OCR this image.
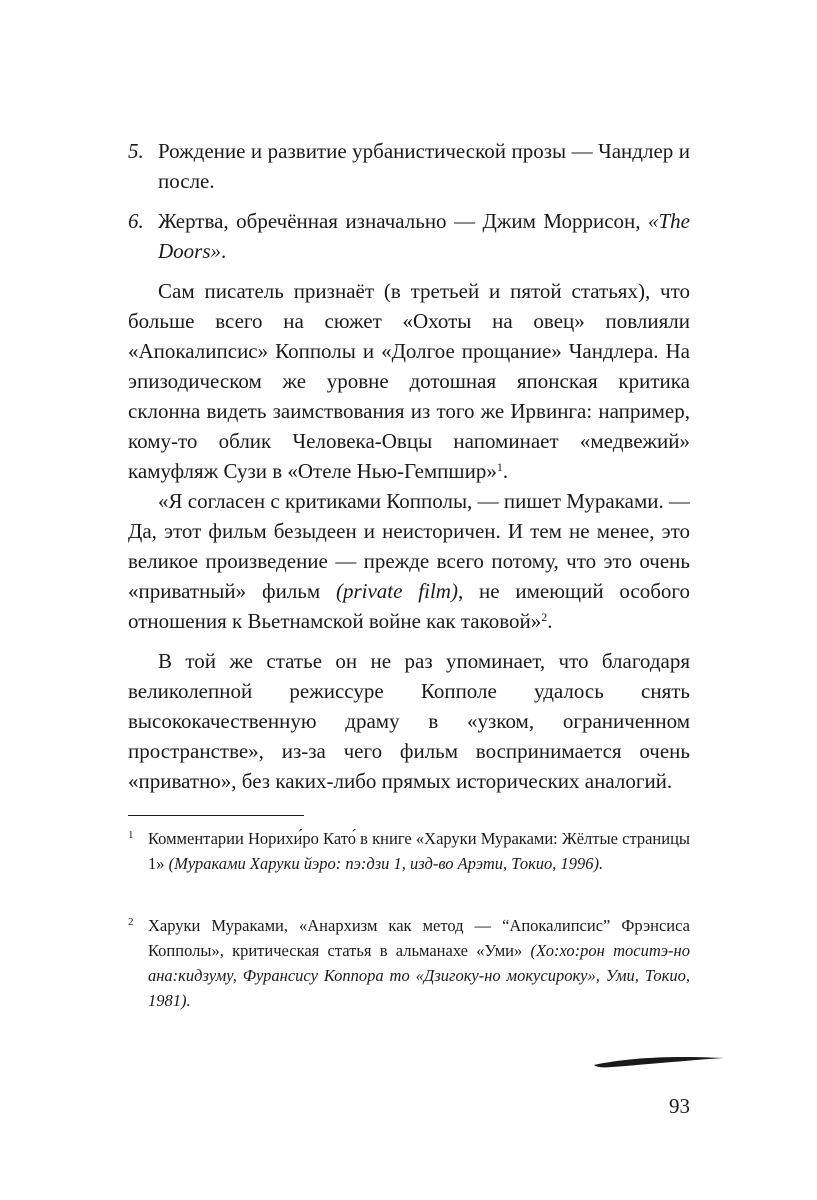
5. Рождение и развитие урбанистической прозы — Чандлер и после.
6. Жертва, обречённая изначально — Джим Моррисон, «The Doors».

Сам писатель признаёт (в третьей и пятой статьях), что больше всего на сюжет «Охоты на овец» повлияли «Апокалипсис» Копполы и «Долгое прощание» Чандлера. На эпизодическом же уровне дотошная японская критика склонна видеть заимствования из того же Ирвинга: например, кому-то облик Человека-Овцы напоминает «медвежий» камуфляж Сузи в «Отеле Нью-Гемпшир»$^1$.

«Я согласен с критиками Копполы, — пишет Мураками. — Да, этот фильм безыдеен и неисторичен. И тем не менее, это великое произведение — прежде всего потому, что это очень «приватный» фильм (private film), не имеющий особого отношения к Вьетнамской войне как таковой»$^2$.

В той же статье он не раз упоминает, что благодаря великолепной режиссуре Копполе удалось снять высококачественную драму в «узком, ограниченном пространстве», из-за чего фильм воспринимается очень «приватно», без каких-либо прямых исторических аналогий.

1 Комментарии Норихи́ро Като́ в книге «Харуки Мураками: Жёлтые страницы 1» (Мураками Харуки йэро: пэ:дзи 1, изд-во Арэти, Токио, 1996).
2 Харуки Мураками, «Анархизм как метод — “Апокалипсис” Фрэнсиса Копполы», критическая статья в альманахе «Уми» (Хо:хо:рон тоситэ-но ана:кидзуму, Фурансису Коппора то «Дзигоку-но мокусироку», Уми, Токио, 1981).
93
